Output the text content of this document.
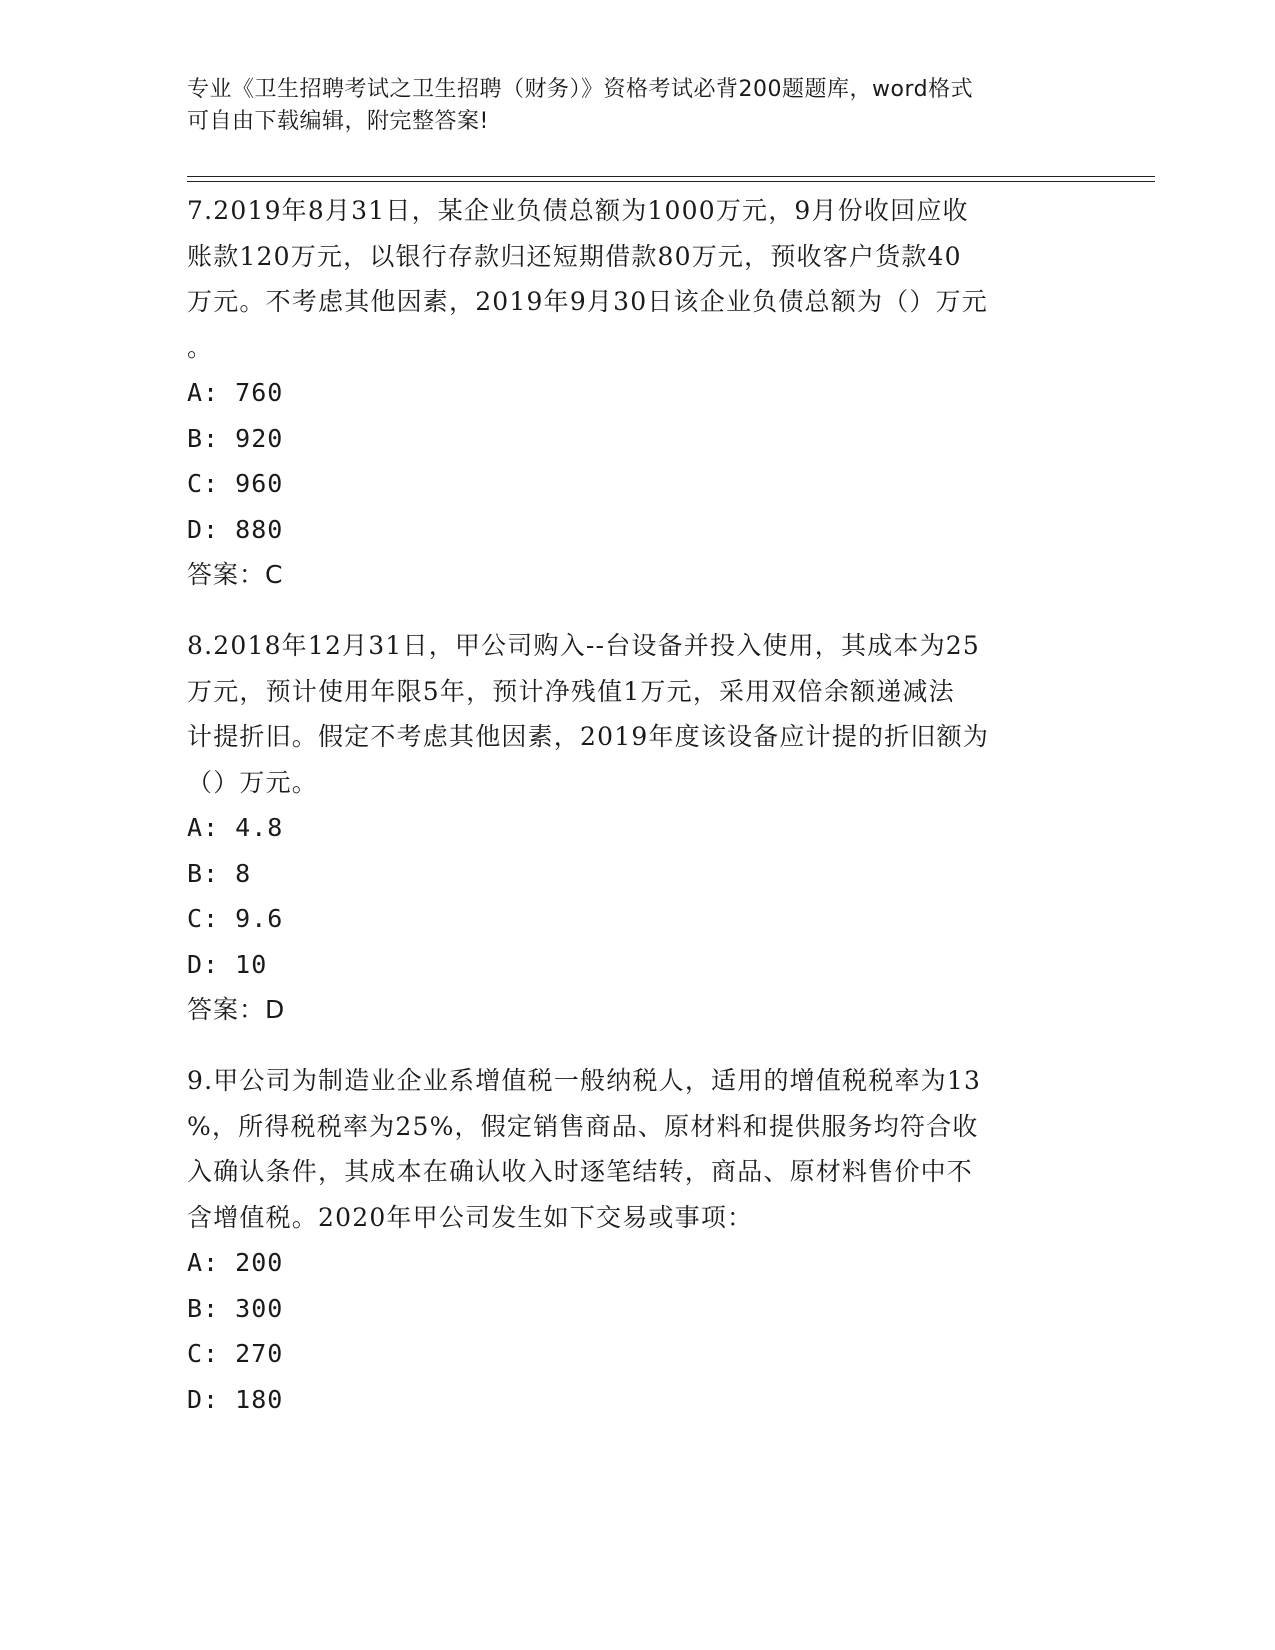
专业《卫生招聘考试之卫生招聘（财务）》资格考试必背200题题库，word格式
可自由下载编辑，附完整答案!
7.2019年8月31日，某企业负债总额为1000万元，9月份收回应收
账款120万元，以银行存款归还短期借款80万元，预收客户货款40
万元。不考虑其他因素，2019年9月30日该企业负债总额为（）万元
。
A: 760
B: 920
C: 960
D: 880
答案：C
8.2018年12月31日，甲公司购入--台设备并投入使用，其成本为25
万元，预计使用年限5年，预计净残值1万元，采用双倍余额递减法
计提折旧。假定不考虑其他因素，2019年度该设备应计提的折旧额为
（）万元。
A: 4.8
B: 8
C: 9.6
D: 10
答案：D
9.甲公司为制造业企业系增值税一般纳税人，适用的增值税税率为13
%，所得税税率为25%，假定销售商品、原材料和提供服务均符合收
入确认条件，其成本在确认收入时逐笔结转，商品、原材料售价中不
含增值税。2020年甲公司发生如下交易或事项：
A: 200
B: 300
C: 270
D: 180
